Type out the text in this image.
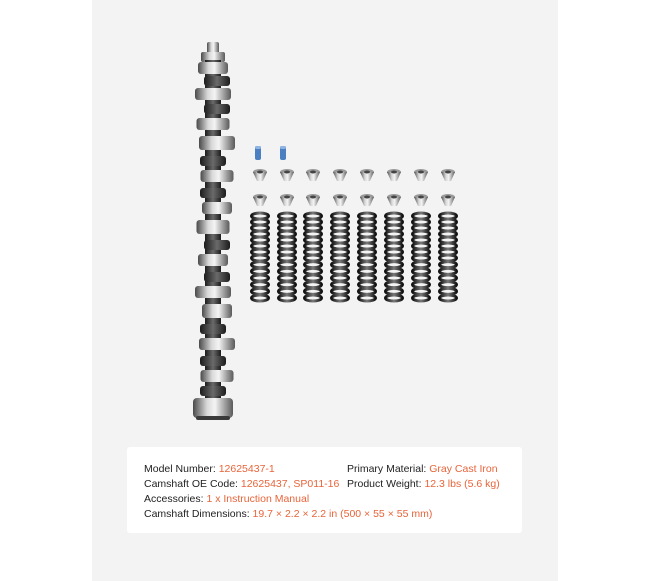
Model Number: 12625437-1	Primary Material: Gray Cast Iron
Camshaft OE Code: 12625437, SP011-16 Product Weight: 12.3 lbs (5.6 kg)
Accessories: 1 x Instruction Manual
Camshaft Dimensions: 19.7 × 2.2 × 2.2 in (500 × 55 × 55 mm)
